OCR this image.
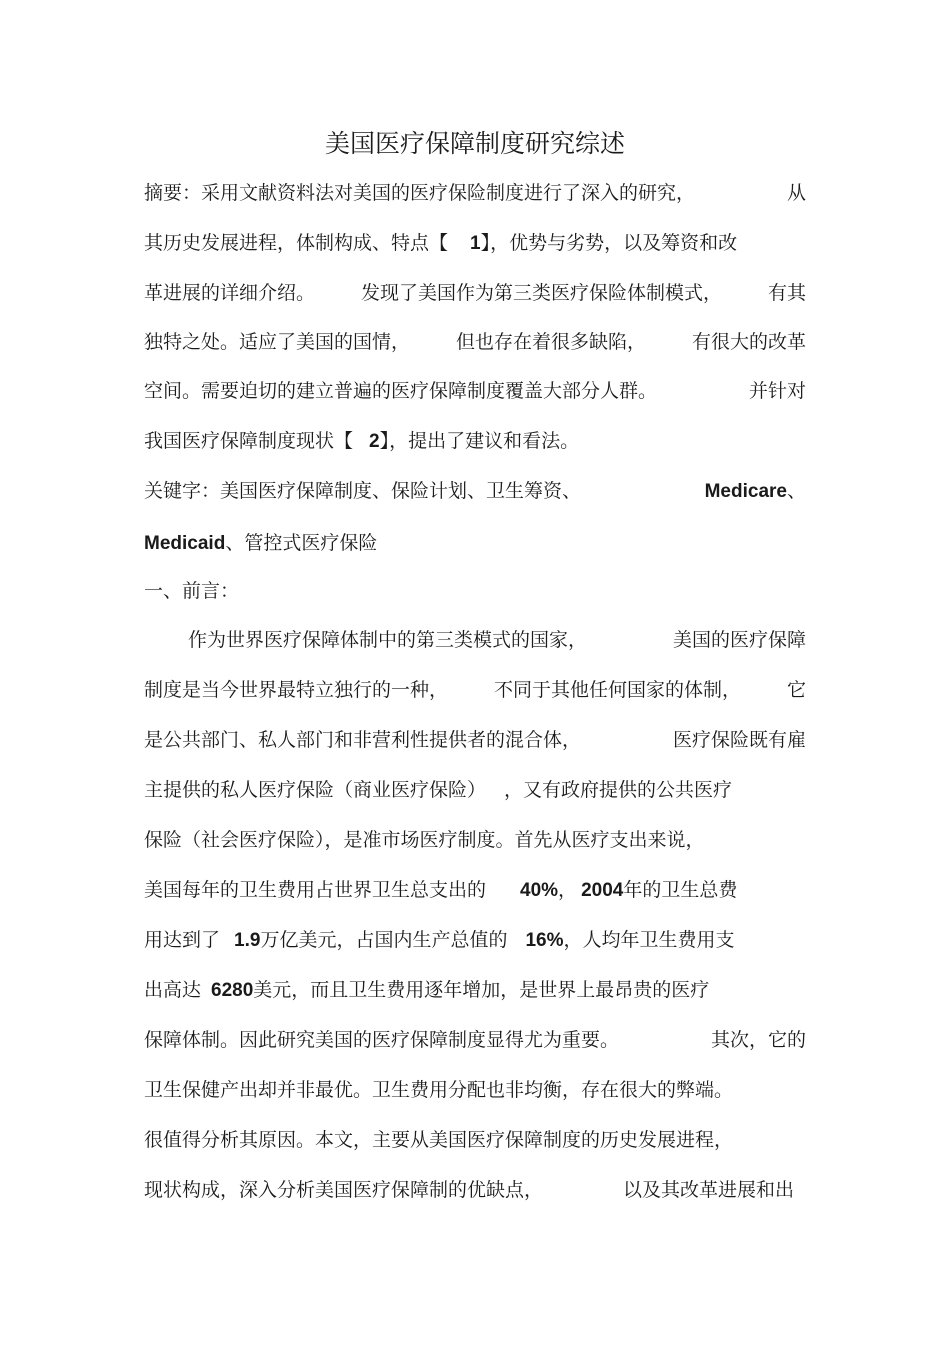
美国医疗保障制度研究综述
摘要：采用文献资料法对美国的医疗保险制度进行了深入的研究，	从
其历史发展进程，体制构成、特点【 1】，优势与劣势，以及筹资和改
革进展的详细介绍。 发现了美国作为第三类医疗保险体制模式， 有其
独特之处。适应了美国的国情， 但也存在着很多缺陷， 有很大的改革
空间。需要迫切的建立普遍的医疗保障制度覆盖大部分人群。	并针对
我国医疗保障制度现状【 2】，提出了建议和看法。
关键字：美国医疗保障制度、保险计划、卫生筹资、	Medicare、
Medicaid、管控式医疗保险
一、前言：
作为世界医疗保障体制中的第三类模式的国家，	美国的医疗保障
制度是当今世界最特立独行的一种， 不同于其他任何国家的体制， 它
是公共部门、私人部门和非营利性提供者的混合体，	医疗保险既有雇
主提供的私人医疗保险（商业医疗保险） ，又有政府提供的公共医疗
保险（社会医疗保险），是准市场医疗制度。首先从医疗支出来说，
美国每年的卫生费用占世界卫生总支出的 40%， 2004年的卫生总费
用达到了 1.9万亿美元，占国内生产总值的 16%，人均年卫生费用支
出高达 6280美元，而且卫生费用逐年增加，是世界上最昂贵的医疗
保障体制。因此研究美国的医疗保障制度显得尤为重要。	其次，它的
卫生保健产出却并非最优。卫生费用分配也非均衡，存在很大的弊端。
很值得分析其原因。本文，主要从美国医疗保障制度的历史发展进程，
现状构成，深入分析美国医疗保障制的优缺点，	以及其改革进展和出
